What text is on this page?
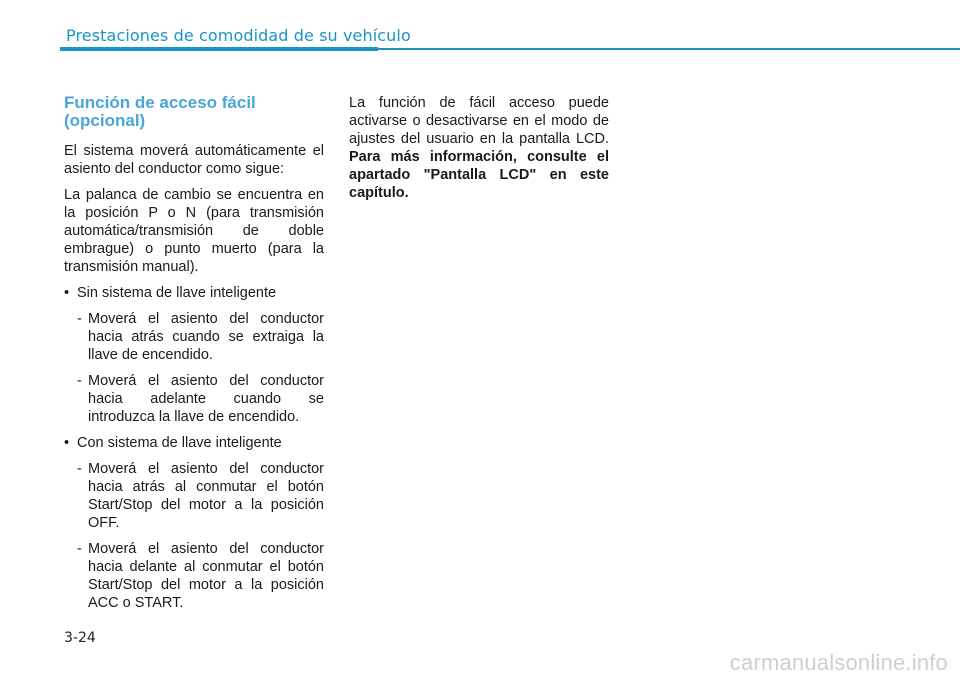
Prestaciones de comodidad de su vehículo
Función de acceso fácil (opcional)

El sistema moverá automáticamente el asiento del conductor como sigue:

La palanca de cambio se encuentra en la posición P o N (para transmisión automática/transmisión de doble embrague) o punto muerto (para la transmisión manual).

• Sin sistema de llave inteligente
- Moverá el asiento del conductor hacia atrás cuando se extraiga la llave de encendido.
- Moverá el asiento del conductor hacia adelante cuando se introduzca la llave de encendido.
• Con sistema de llave inteligente
- Moverá el asiento del conductor hacia atrás al conmutar el botón Start/Stop del motor a la posición OFF.
- Moverá el asiento del conductor hacia delante al conmutar el botón Start/Stop del motor a la posición ACC o START.

La función de fácil acceso puede activarse o desactivarse en el modo de ajustes del usuario en la pantalla LCD. Para más información, consulte el apartado "Pantalla LCD" en este capítulo.

3-24
carmanualsonline.info
